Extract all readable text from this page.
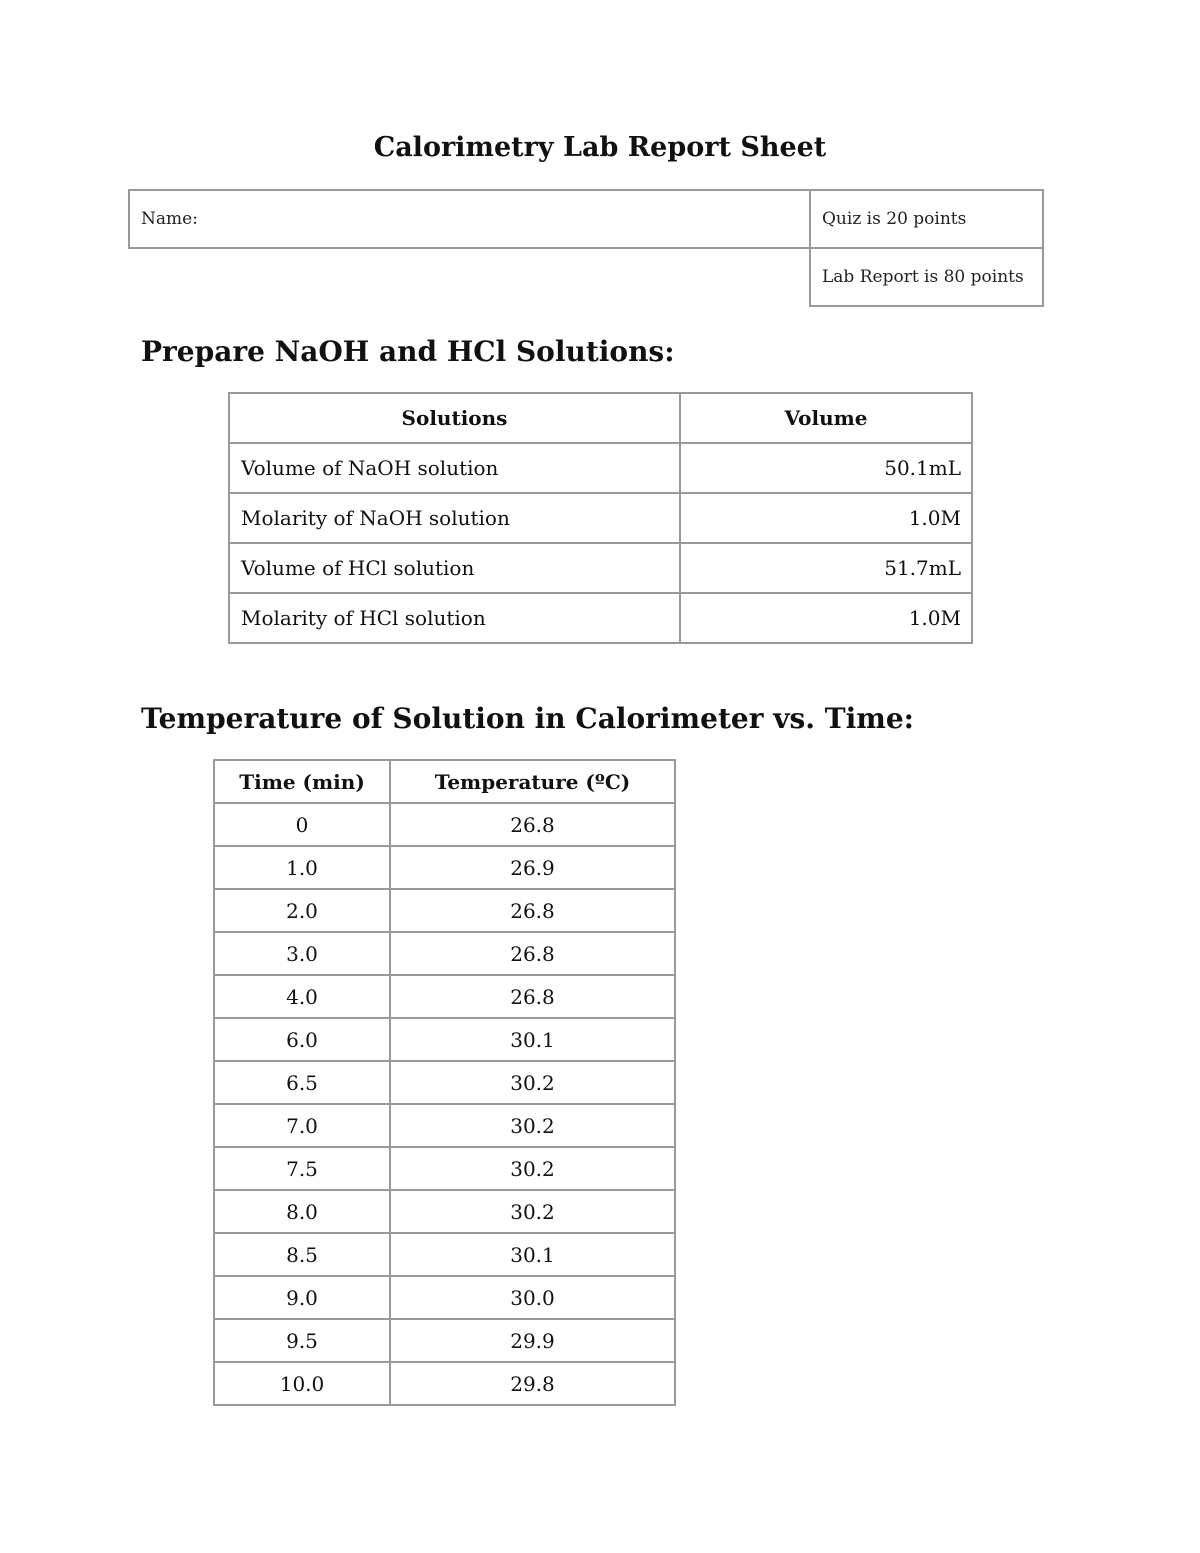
Calorimetry Lab Report Sheet
Name:	Quiz is 20 points
	Lab Report is 80 points
Prepare NaOH and HCl Solutions:
Solutions	Volume
Volume of NaOH solution	50.1mL
Molarity of NaOH solution	1.0M
Volume of HCl solution	51.7mL
Molarity of HCl solution	1.0M
Temperature of Solution in Calorimeter vs. Time:
Time (min)	Temperature (ºC)
0	26.8
1.0	26.9
2.0	26.8
3.0	26.8
4.0	26.8
6.0	30.1
6.5	30.2
7.0	30.2
7.5	30.2
8.0	30.2
8.5	30.1
9.0	30.0
9.5	29.9
10.0	29.8
